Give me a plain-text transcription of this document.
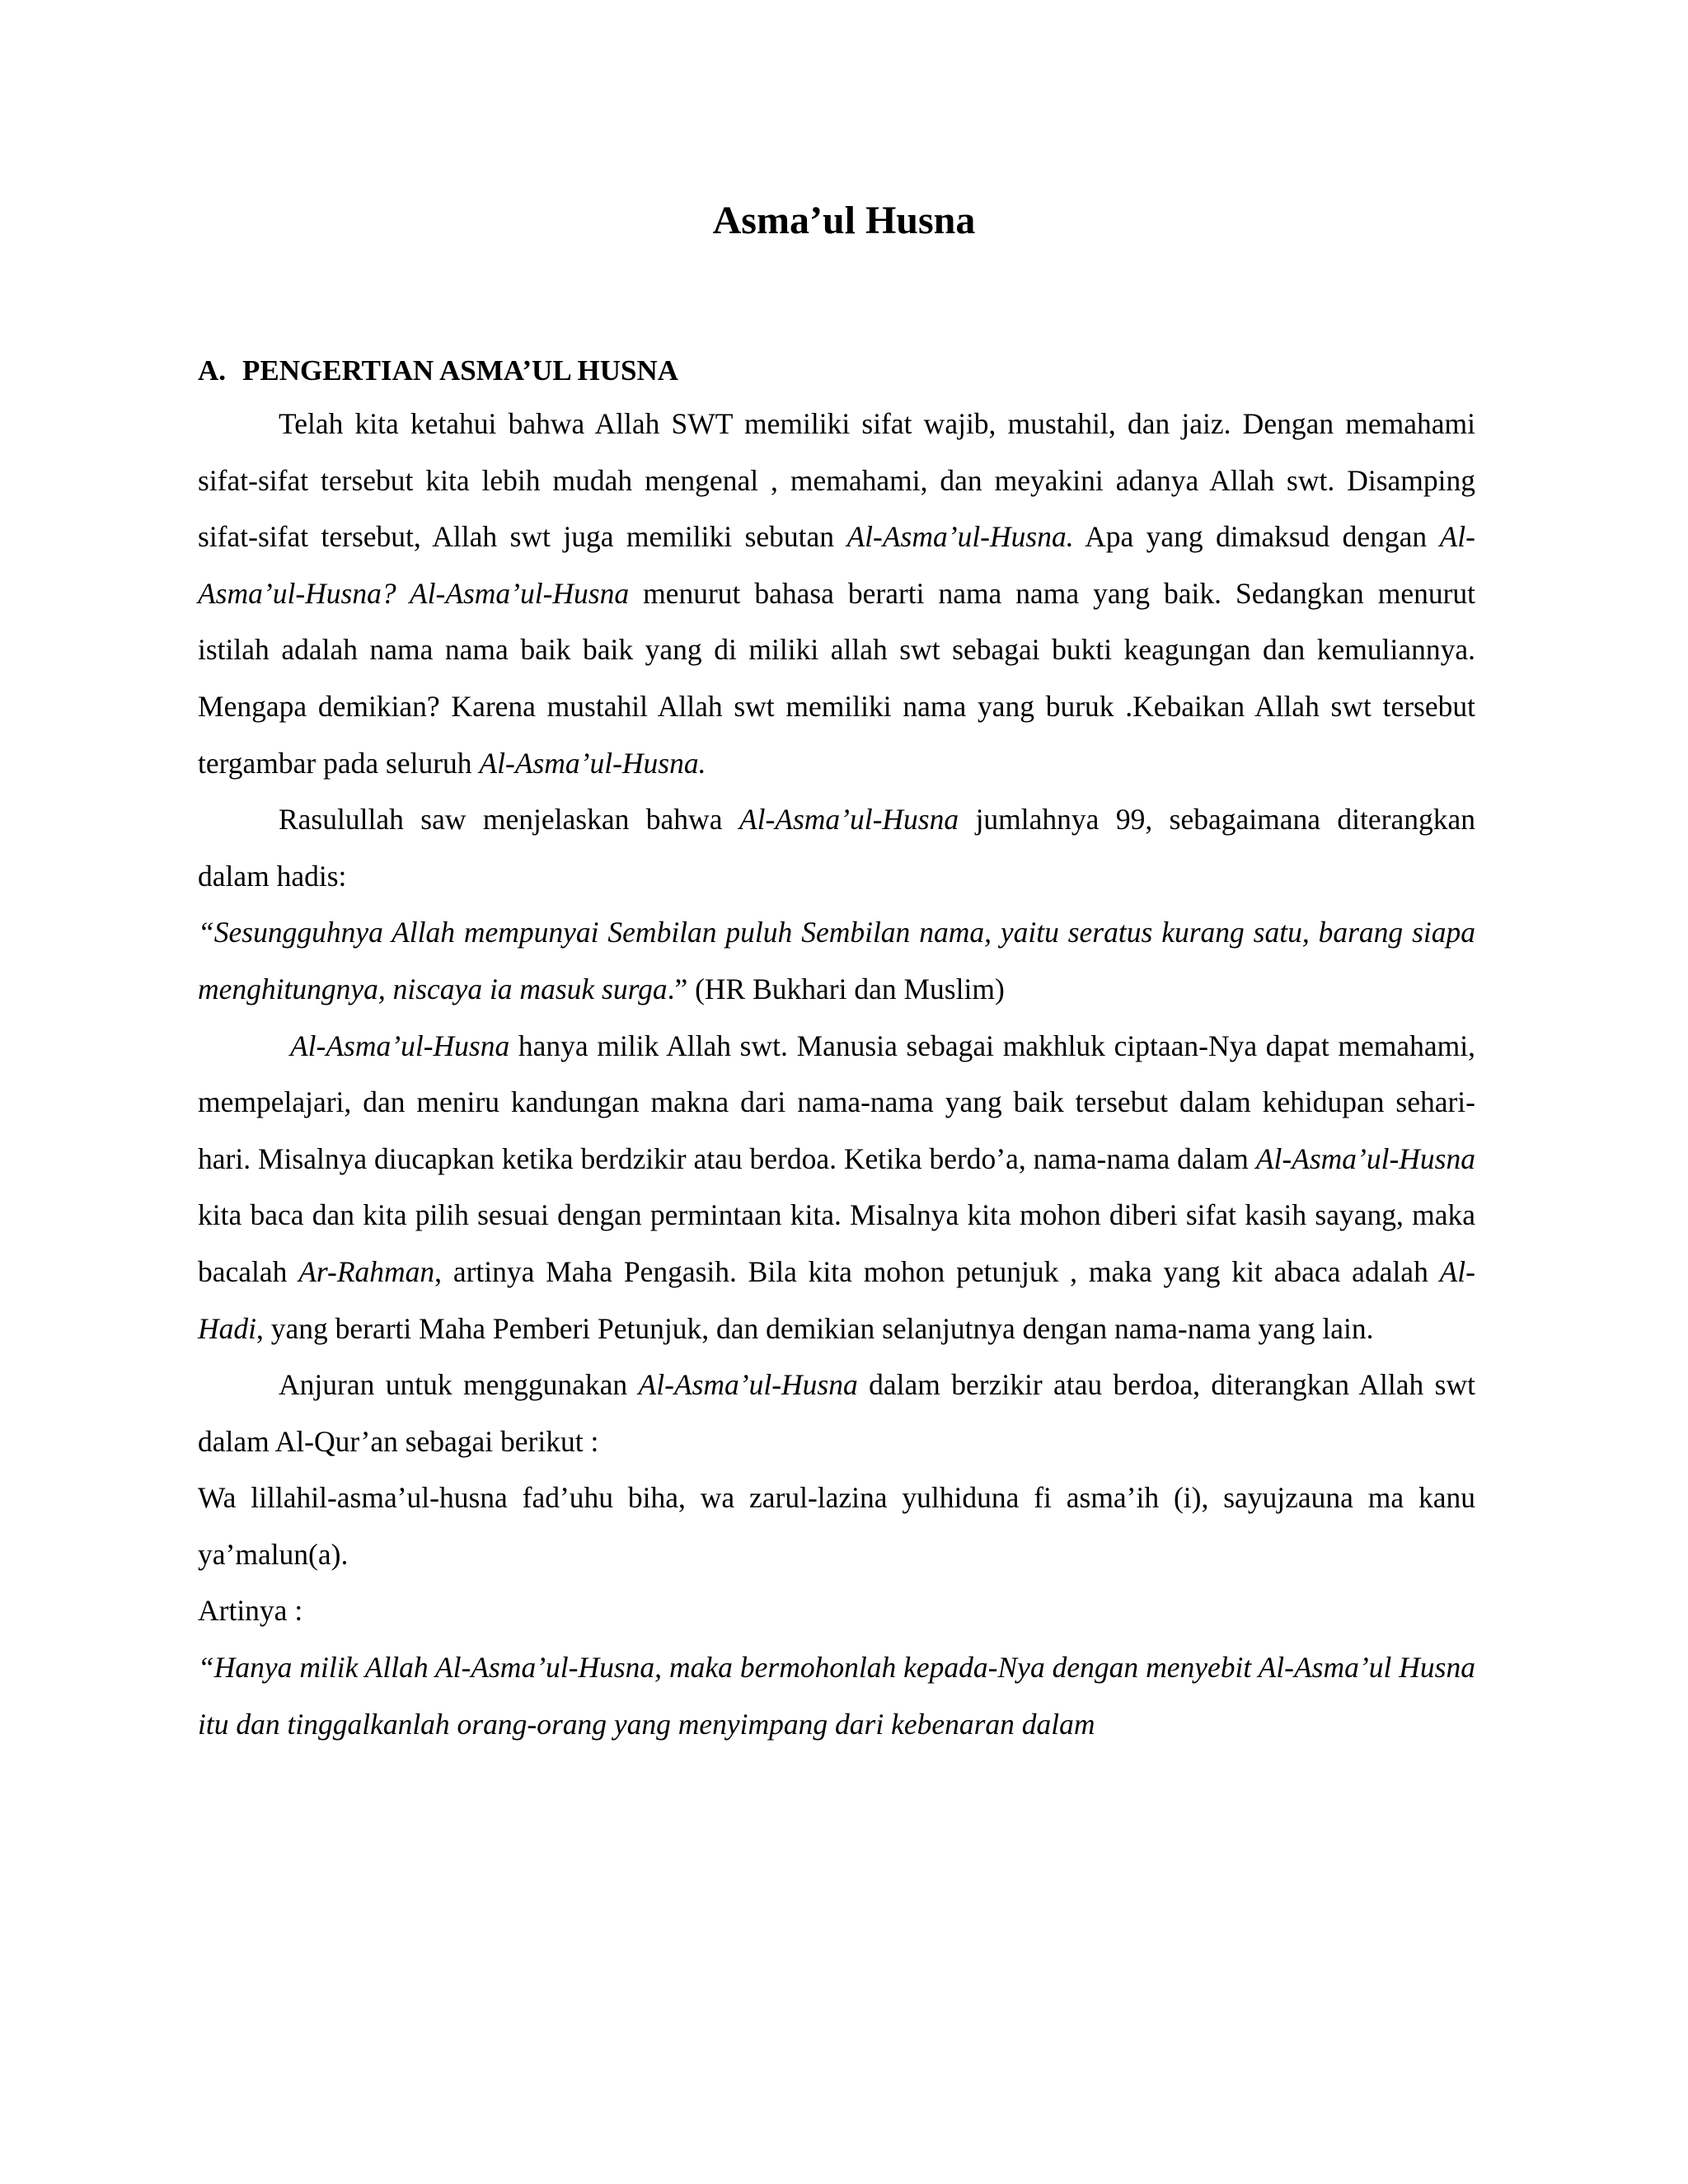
Asma’ul Husna
A. PENGERTIAN ASMA’UL HUSNA

Telah kita ketahui bahwa Allah SWT memiliki sifat wajib, mustahil, dan jaiz. Dengan memahami sifat-sifat tersebut kita lebih mudah mengenal , memahami, dan meyakini adanya Allah swt. Disamping sifat-sifat tersebut, Allah swt juga memiliki sebutan Al-Asma’ul-Husna. Apa yang dimaksud dengan Al-Asma’ul-Husna? Al-Asma’ul-Husna menurut bahasa berarti nama nama yang baik. Sedangkan menurut istilah adalah nama nama baik baik yang di miliki allah swt sebagai bukti keagungan dan kemuliannya. Mengapa demikian? Karena mustahil Allah swt memiliki nama yang buruk .Kebaikan Allah swt tersebut tergambar pada seluruh Al-Asma’ul-Husna.

Rasulullah saw menjelaskan bahwa Al-Asma’ul-Husna jumlahnya 99, sebagaimana diterangkan dalam hadis:

“Sesungguhnya Allah mempunyai Sembilan puluh Sembilan nama, yaitu seratus kurang satu, barang siapa menghitungnya, niscaya ia masuk surga.” (HR Bukhari dan Muslim)

Al-Asma’ul-Husna hanya milik Allah swt. Manusia sebagai makhluk ciptaan-Nya dapat memahami, mempelajari, dan meniru kandungan makna dari nama-nama yang baik tersebut dalam kehidupan sehari-hari. Misalnya diucapkan ketika berdzikir atau berdoa. Ketika berdo’a, nama-nama dalam Al-Asma’ul-Husna kita baca dan kita pilih sesuai dengan permintaan kita. Misalnya kita mohon diberi sifat kasih sayang, maka bacalah Ar-Rahman, artinya Maha Pengasih. Bila kita mohon petunjuk , maka yang kit abaca adalah Al-Hadi, yang berarti Maha Pemberi Petunjuk, dan demikian selanjutnya dengan nama-nama yang lain.

Anjuran untuk menggunakan Al-Asma’ul-Husna dalam berzikir atau berdoa, diterangkan Allah swt dalam Al-Qur’an sebagai berikut :

Wa lillahil-asma’ul-husna fad’uhu biha, wa zarul-lazina yulhiduna fi asma’ih (i), sayujzauna ma kanu ya’malun(a).

Artinya :

“Hanya milik Allah Al-Asma’ul-Husna, maka bermohonlah kepada-Nya dengan menyebit Al-Asma’ul Husna itu dan tinggalkanlah orang-orang yang menyimpang dari kebenaran dalam
